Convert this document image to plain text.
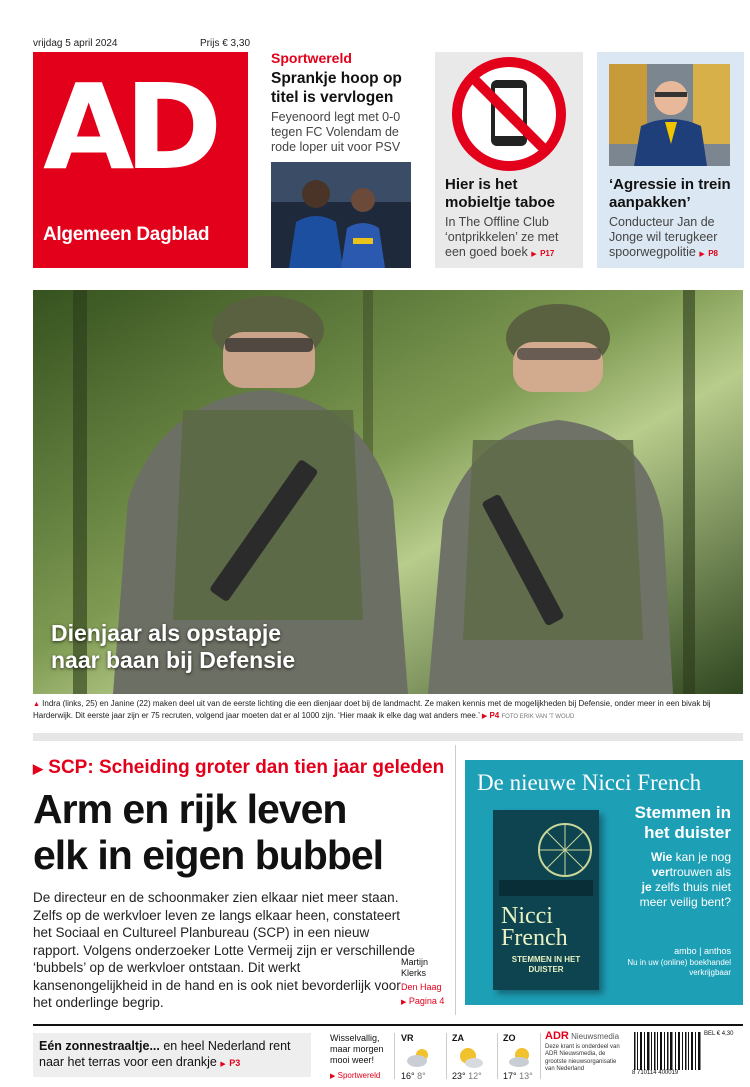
vrijdag 5 april 2024	Prijs € 3,30
AD
Algemeen Dagblad
Sportwereld
Sprankje hoop op titel is vervlogen
Feyenoord legt met 0-0 tegen FC Volendam de rode loper uit voor PSV
Hier is het mobieltje taboe
In The Offline Club ‘ontprikkelen’ ze met een goed boek ▶ P17
‘Agressie in trein aanpakken’
Conducteur Jan de Jonge wil terugkeer spoorwegpolitie ▶ P8
Dienjaar als opstapje
naar baan bij Defensie
▲ Indra (links, 25) en Janine (22) maken deel uit van de eerste lichting die een dienjaar doet bij de landmacht. Ze maken kennis met de mogelijkheden bij Defensie, onder meer in een bivak bij Harderwijk. Dit eerste jaar zijn er 75 recruten, volgend jaar moeten dat er al 1000 zijn. ‘Hier maak ik elke dag wat anders mee.’ ▶ P4 FOTO ERIK VAN 'T WOUD
▶ SCP: Scheiding groter dan tien jaar geleden
Arm en rijk leven
elk in eigen bubbel
De directeur en de schoonmaker zien elkaar niet meer staan. Zelfs op de werkvloer leven ze langs elkaar heen, constateert het Sociaal en Cultureel Planbureau (SCP) in een nieuw rapport. Volgens onderzoeker Lotte Vermeij zijn er verschillende ‘bubbels’ op de werkvloer ontstaan. Dit werkt kansenongelijkheid in de hand en is ook niet bevorderlijk voor het onderlinge begrip.
Martijn
Klerks
Den Haag
▶ Pagina 4
De nieuwe Nicci French
Stemmen in
het duister
Wie kan je nog
vertrouwen als
je zelfs thuis niet meer veilig bent?
ambo | anthos
Nu in uw (online) boekhandel verkrijgbaar
Nicci French
STEMMEN IN HET DUISTER
Eén zonnestraaltje... en heel Nederland rent naar het terras voor een drankje ▶ P3
Wisselvallig, maar morgen mooi weer!
▶ Sportwereld
VR
16° 8°
ZA
23° 12°
ZO
17° 13°
ADR Nieuwsmedia
Deze krant is onderdeel van ADR Nieuwsmedia, de grootste nieuwsorganisatie van Nederland
BEL € 4,30
8 710114 400019
